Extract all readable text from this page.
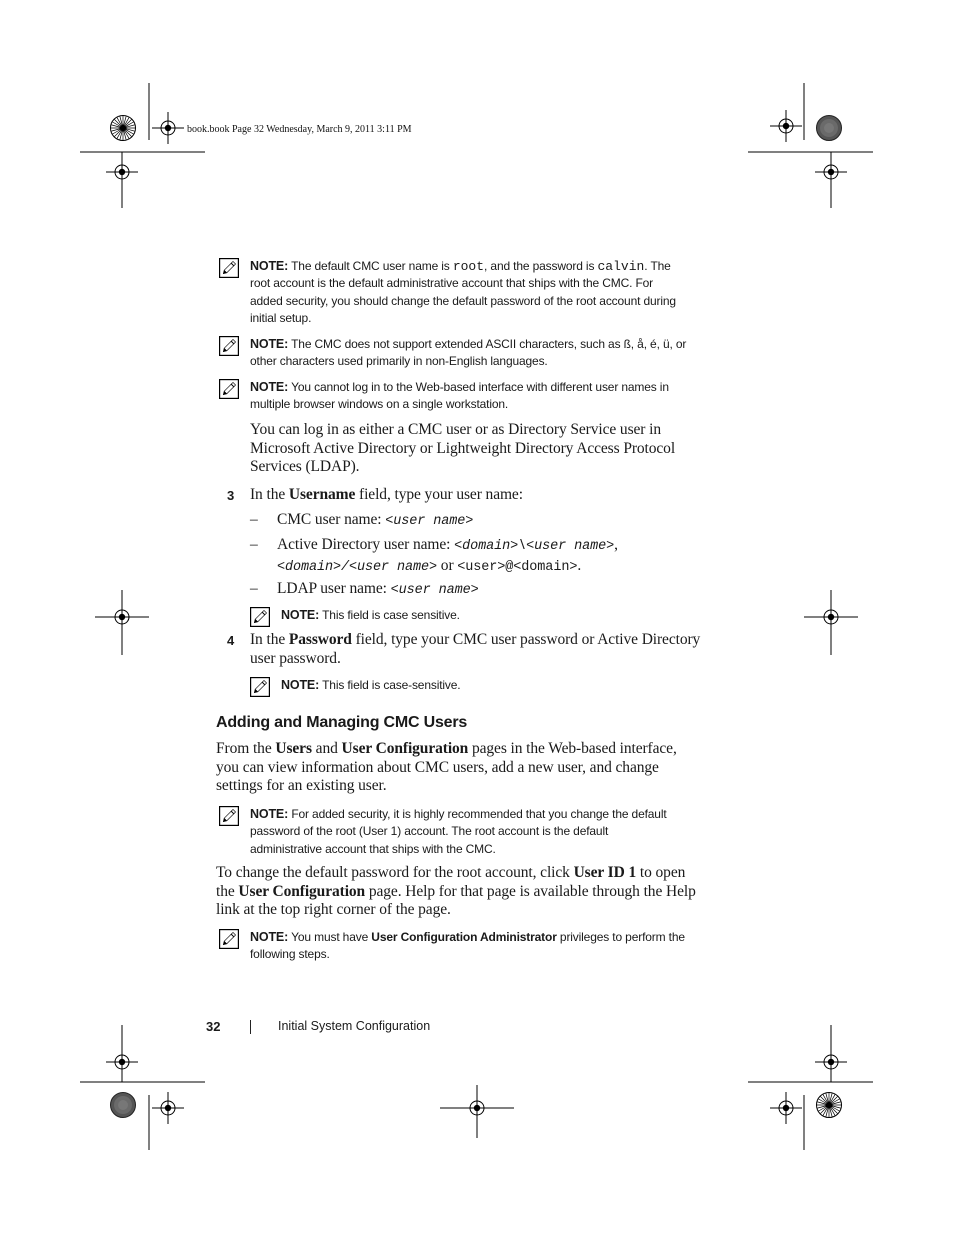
book.book Page 32 Wednesday, March 9, 2011 3:11 PM
NOTE: The default CMC user name is root, and the password is calvin. The
root account is the default administrative account that ships with the CMC. For
added security, you should change the default password of the root account during
initial setup.
NOTE: The CMC does not support extended ASCII characters, such as ß, å, é, ü, or
other characters used primarily in non-English languages.
NOTE: You cannot log in to the Web-based interface with different user names in
multiple browser windows on a single workstation.
You can log in as either a CMC user or as Directory Service user in
Microsoft Active Directory or Lightweight Directory Access Protocol
Services (LDAP).
3 In the Username field, type your user name:
– CMC user name: <user name>
– Active Directory user name: <domain>\<user name>,
<domain>/<user name> or <user>@<domain>.
– LDAP user name: <user name>
NOTE: This field is case sensitive.
4 In the Password field, type your CMC user password or Active Directory
user password.
NOTE: This field is case-sensitive.
Adding and Managing CMC Users
From the Users and User Configuration pages in the Web-based interface,
you can view information about CMC users, add a new user, and change
settings for an existing user.
NOTE: For added security, it is highly recommended that you change the default
password of the root (User 1) account. The root account is the default
administrative account that ships with the CMC.
To change the default password for the root account, click User ID 1 to open
the User Configuration page. Help for that page is available through the Help
link at the top right corner of the page.
NOTE: You must have User Configuration Administrator privileges to perform the
following steps.
32	Initial System Configuration
